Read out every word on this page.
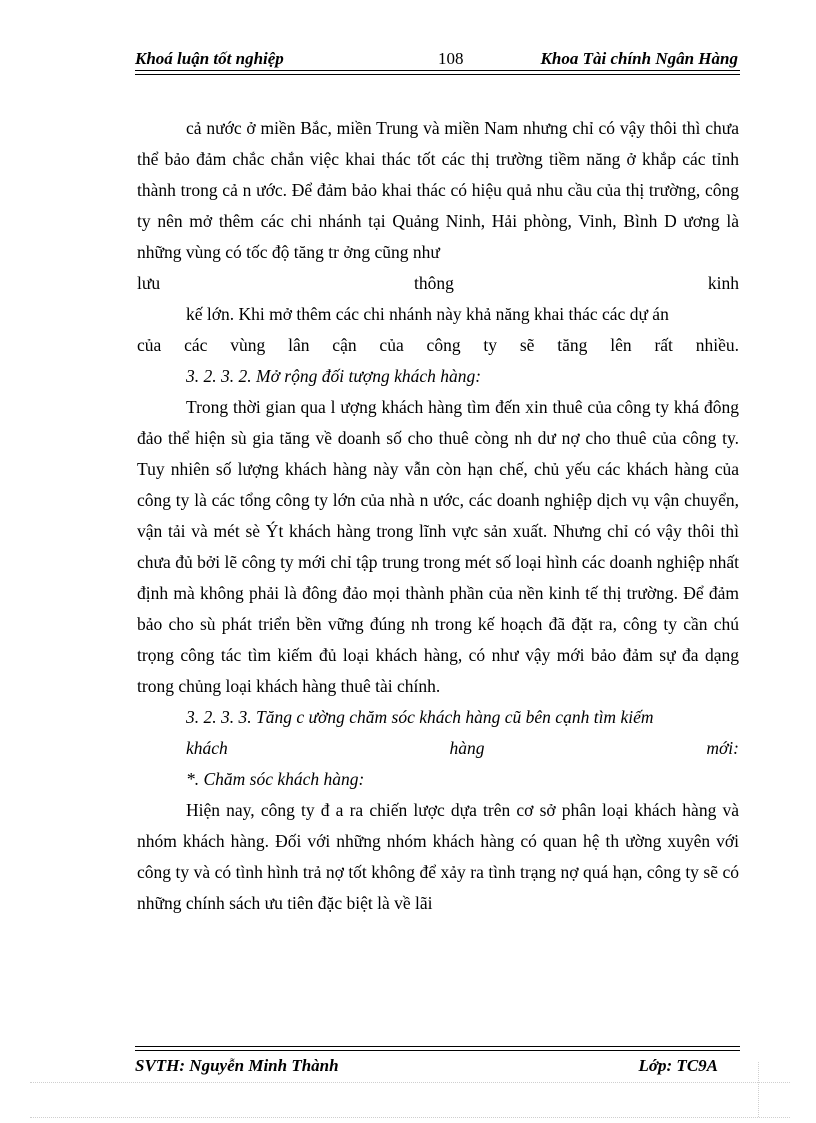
Khoá luận tốt nghiệp	108	Khoa Tài chính Ngân Hàng

cả nước ở miền Bắc, miền Trung và miền Nam nhưng chỉ có vậy thôi thì chưa thể bảo đảm chắc chắn việc khai thác tốt các thị trường tiềm năng ở khắp các tỉnh thành trong cả n ước. Để đảm bảo khai thác có hiệu quả nhu cầu của thị trường, công ty nên mở thêm các chi nhánh tại Quảng Ninh, Hải phòng, Vinh, Bình D ương là những vùng có tốc độ tăng tr ởng cũng như

lưu thông kinh

kế lớn. Khi mở thêm các chi nhánh này khả năng khai thác các dự án

của các vùng lân cận của công ty sẽ tăng lên rất nhiều.

3. 2. 3. 2. Mở rộng đối tượng khách hàng:

Trong thời gian qua l ượng khách hàng tìm đến xin thuê của công ty khá đông đảo thể hiện sù gia tăng về doanh số cho thuê còng nh dư nợ cho thuê của công ty. Tuy nhiên số lượng khách hàng này vẫn còn hạn chế, chủ yếu các khách hàng của công ty là các tổng công ty lớn của nhà n ước, các doanh nghiệp dịch vụ vận chuyển, vận tải và mét sè Ýt khách hàng trong lĩnh vực sản xuất. Nhưng chỉ có vậy thôi thì chưa đủ bởi lẽ công ty mới chỉ tập trung trong mét số loại hình các doanh nghiệp nhất định mà không phải là đông đảo mọi thành phần của nền kinh tế thị trường. Để đảm bảo cho sù phát triển bền vững đúng nh trong kế hoạch đã đặt ra, công ty cần chú trọng công tác tìm kiếm đủ loại khách hàng, có như vậy mới bảo đảm sự đa dạng trong chủng loại khách hàng thuê tài chính.

3. 2. 3. 3. Tăng c ường chăm sóc khách hàng cũ bên cạnh tìm kiếm

khách hàng mới:

*. Chăm sóc khách hàng:

Hiện nay, công ty đ a ra chiến lược dựa trên cơ sở phân loại khách hàng và nhóm khách hàng. Đối với những nhóm khách hàng có quan hệ th ường xuyên với công ty và có tình hình trả nợ tốt không để xảy ra tình trạng nợ quá hạn, công ty sẽ có những chính sách ưu tiên đặc biệt là về lãi

SVTH: Nguyễn Minh Thành	Lớp: TC9A
